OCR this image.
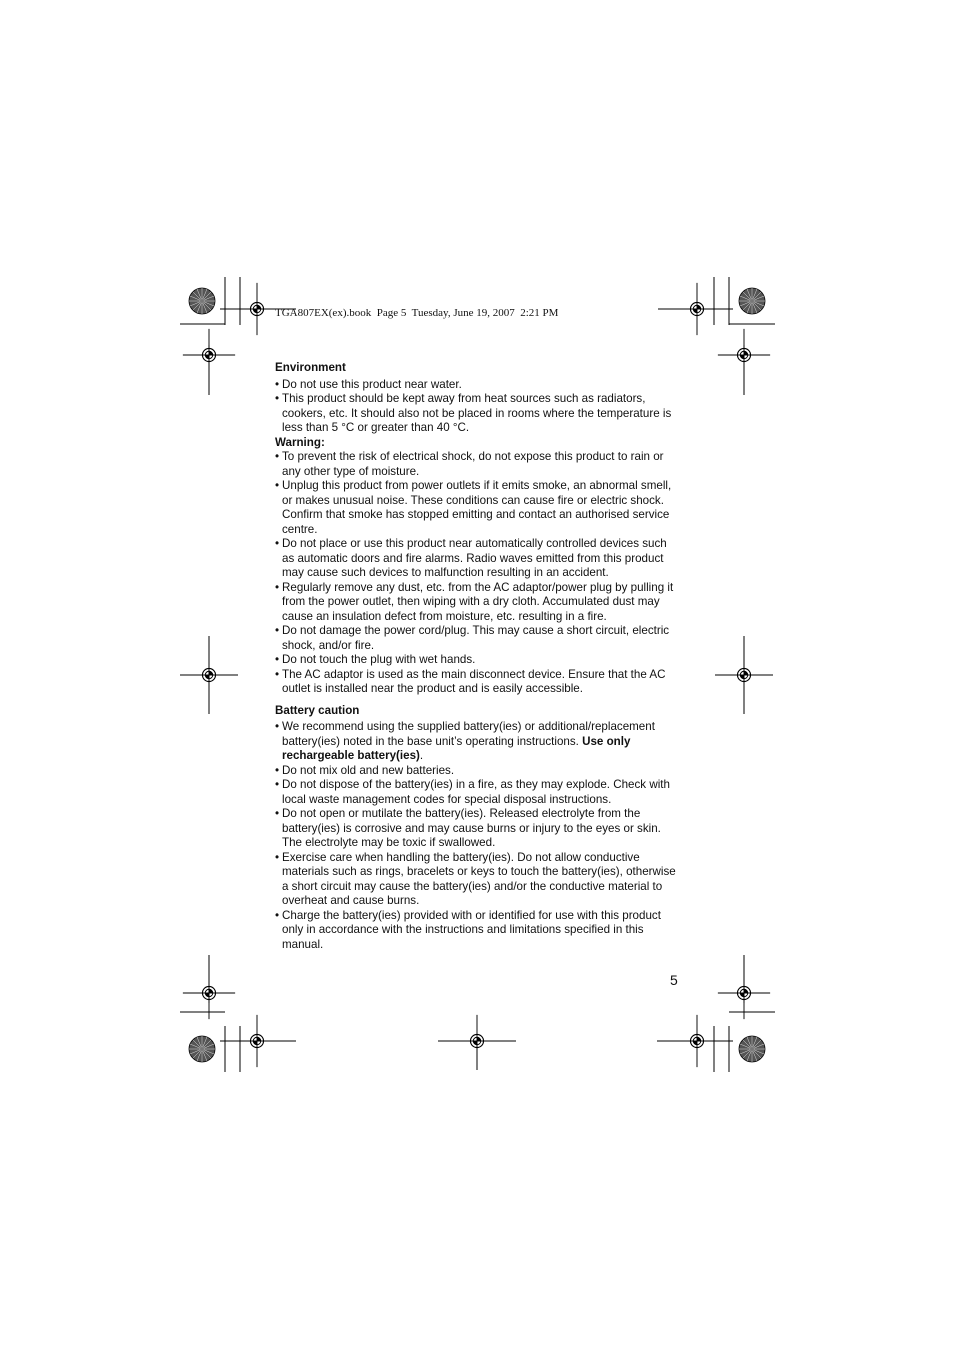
TGA807EX(ex).book  Page 5  Tuesday, June 19, 2007  2:21 PM

Environment

• Do not use this product near water.
• This product should be kept away from heat sources such as radiators, cookers, etc. It should also not be placed in rooms where the temperature is less than 5 °C or greater than 40 °C.

Warning:

• To prevent the risk of electrical shock, do not expose this product to rain or any other type of moisture.
• Unplug this product from power outlets if it emits smoke, an abnormal smell, or makes unusual noise. These conditions can cause fire or electric shock. Confirm that smoke has stopped emitting and contact an authorised service centre.
• Do not place or use this product near automatically controlled devices such as automatic doors and fire alarms. Radio waves emitted from this product may cause such devices to malfunction resulting in an accident.
• Regularly remove any dust, etc. from the AC adaptor/power plug by pulling it from the power outlet, then wiping with a dry cloth. Accumulated dust may cause an insulation defect from moisture, etc. resulting in a fire.
• Do not damage the power cord/plug. This may cause a short circuit, electric shock, and/or fire.
• Do not touch the plug with wet hands.
• The AC adaptor is used as the main disconnect device. Ensure that the AC outlet is installed near the product and is easily accessible.

Battery caution

• We recommend using the supplied battery(ies) or additional/replacement battery(ies) noted in the base unit’s operating instructions. Use only rechargeable battery(ies).
• Do not mix old and new batteries.
• Do not dispose of the battery(ies) in a fire, as they may explode. Check with local waste management codes for special disposal instructions.
• Do not open or mutilate the battery(ies). Released electrolyte from the battery(ies) is corrosive and may cause burns or injury to the eyes or skin. The electrolyte may be toxic if swallowed.
• Exercise care when handling the battery(ies). Do not allow conductive materials such as rings, bracelets or keys to touch the battery(ies), otherwise a short circuit may cause the battery(ies) and/or the conductive material to overheat and cause burns.
• Charge the battery(ies) provided with or identified for use with this product only in accordance with the instructions and limitations specified in this manual.
5
